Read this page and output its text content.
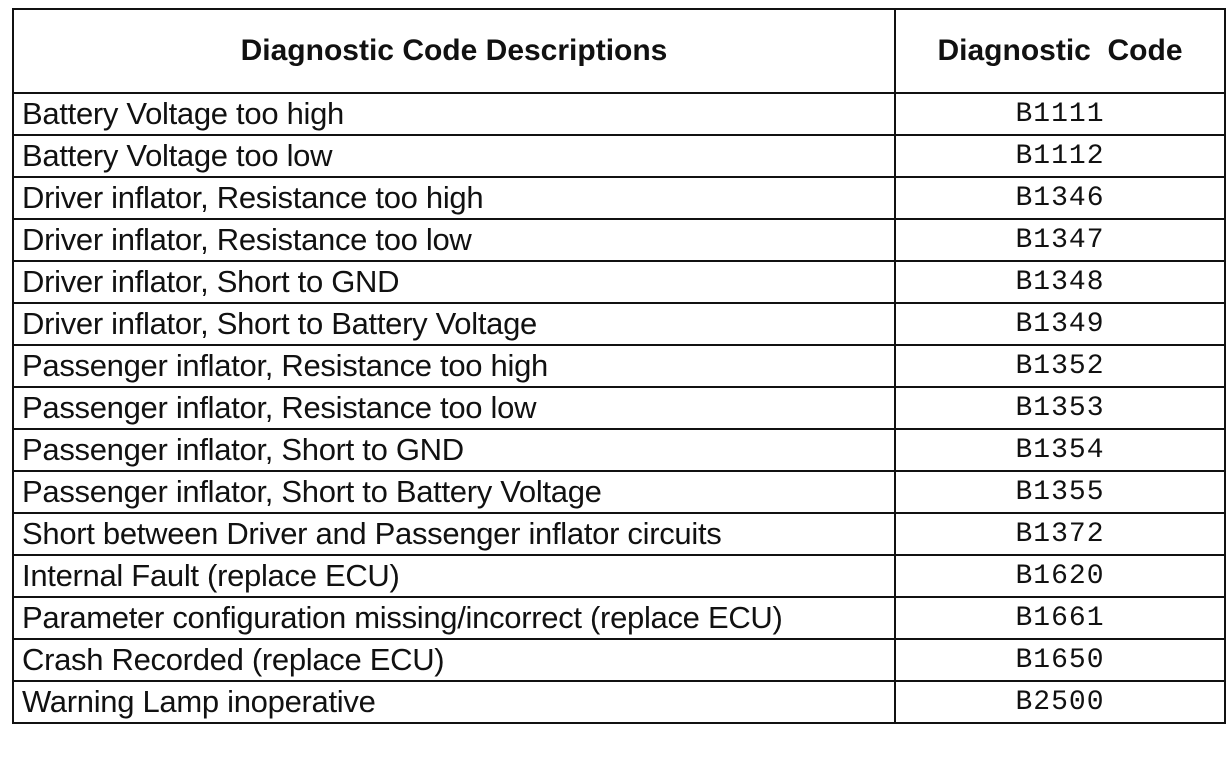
Diagnostic Code Descriptions	Diagnostic  Code
Battery Voltage too high	B1111
Battery Voltage too low	B1112
Driver inflator, Resistance too high	B1346
Driver inflator, Resistance too low	B1347
Driver inflator, Short to GND	B1348
Driver inflator, Short to Battery Voltage	B1349
Passenger inflator, Resistance too high	B1352
Passenger inflator, Resistance too low	B1353
Passenger inflator, Short to GND	B1354
Passenger inflator, Short to Battery Voltage	B1355
Short between Driver and Passenger inflator circuits	B1372
Internal Fault (replace ECU)	B1620
Parameter configuration missing/incorrect (replace ECU)	B1661
Crash Recorded (replace ECU)	B1650
Warning Lamp inoperative	B2500
